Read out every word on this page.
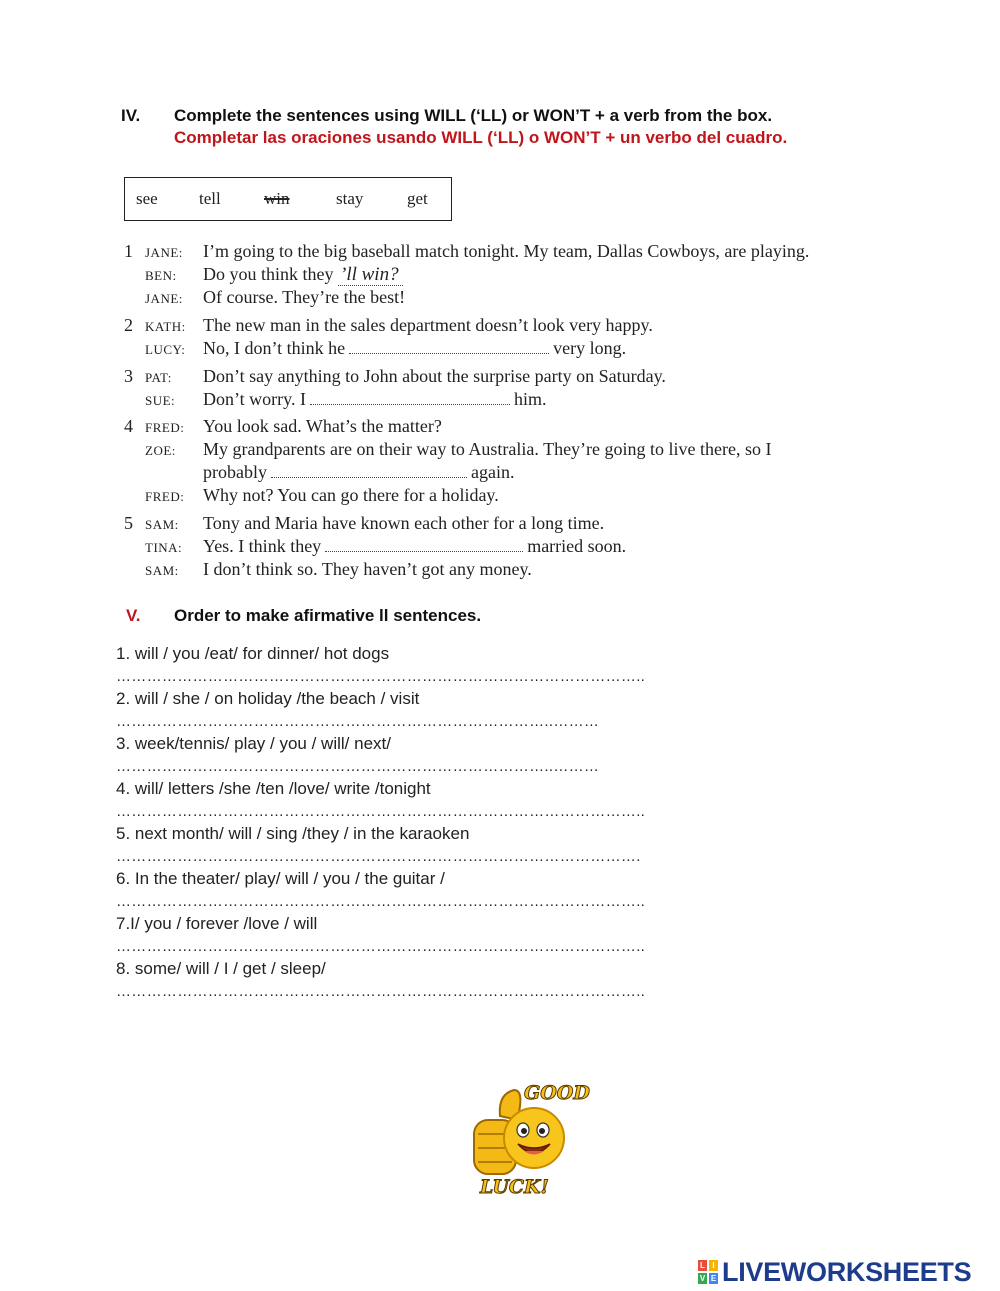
IV. Complete the sentences using WILL (‘LL) or WON’T + a verb from the box.
Completar las oraciones usando WILL (‘LL) o WON’T + un verbo del cuadro.
see tell	win	stay	get
1 JANE: I’m going to the big baseball match tonight. My team, Dallas Cowboys, are playing.
BEN: Do you think they ’ll win?
JANE: Of course. They’re the best!
2 KATH: The new man in the sales department doesn’t look very happy.
LUCY: No, I don’t think he	very long.
3 PAT: Don’t say anything to John about the surprise party on Saturday.
SUE: Don’t worry. I	him.
4 FRED: You look sad. What’s the matter?
ZOE: My grandparents are on their way to Australia. They’re going to live there, so I
probably	again.
FRED: Why not? You can go there for a holiday.
5 SAM: Tony and Maria have known each other for a long time.
TINA: Yes. I think they	married soon.
SAM: I don’t think so. They haven’t got any money.
V. Order to make afirmative ll sentences.
1. will / you /eat/ for dinner/ hot dogs
…………………………………………………………………………………………..
2. will / she / on holiday /the beach / visit
…………………………………………………………………………..………
3. week/tennis/ play / you / will/ next/
…………………………………………………………………………..………
4. will/ letters /she /ten /love/ write /tonight
…………………………………………………………………………………………..
5. next month/ will / sing /they / in the karaoken
………………………………………………………………………………………….
6. In the theater/ play/ will / you / the guitar /
…………………………………………………………………………………………..
7.I/ you / forever /love / will
…………………………………………………………………………………………..
8. some/ will / I / get / sleep/
…………………………………………………………………………………………..
GOOD
LUCK!
L I
V E LIVEWORKSHEETS
